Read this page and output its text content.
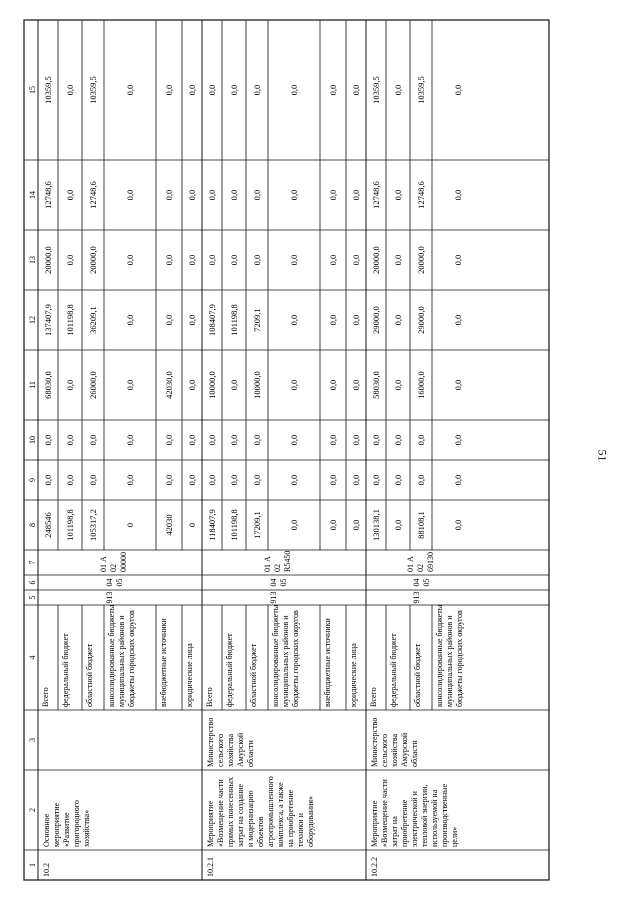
51
1
2
3
4
5
6
7
8
9
10
11
12
13
14
15
10.2
Основноемероприятие«Развитиепригородногохозяйства»
913
04 05
01 А0200000
Всего
248546
0,0
0,0
68030,0
137407,9
20000,0
12748,6
10359,5
федеральный бюджет
101198,8
0,0
0,0
0,0
101198,8
0,0
0,0
0,0
областной бюджет
105317,2
0,0
0,0
26000,0
36209,1
20000,0
12748,6
10359,5
консолидированные бюджетымуниципальных районов ибюджеты городских округов
0
0,0
0,0
0,0
0,0
0,0
0,0
0,0
внебюджетные источники
42030
0,0
0,0
42030,0
0,0
0,0
0,0
0,0
юридические лица
0
0,0
0,0
0,0
0,0
0,0
0,0
0,0
10.2.1
Мероприятие«Возмещение частипрямых понесенныхзатрат на созданиеи модернизациюобъектовагропромышленногокомплекса, а такжена приобретениетехники иоборудования»
МинистерствосельскогохозяйстваАмурскойобласти
913
04 05
01 А02R5450
Всего
118407,9
0,0
0,0
10000,0
108407,9
0,0
0,0
0,0
федеральный бюджет
101198,8
0,0
0,0
0,0
101198,8
0,0
0,0
0,0
областной бюджет
17209,1
0,0
0,0
10000,0
7209,1
0,0
0,0
0,0
консолидированные бюджетымуниципальных районов ибюджеты городских округов
0,0
0,0
0,0
0,0
0,0
0,0
0,0
0,0
внебюджетные источники
0,0
0,0
0,0
0,0
0,0
0,0
0,0
0,0
юридические лица
0,0
0,0
0,0
0,0
0,0
0,0
0,0
0,0
10.2.2
Мероприятие«Возмещение частизатрат наприобретениеэлектрической итепловой энергии,используемой напроизводственныецели»
МинистерствосельскогохозяйстваАмурскойобласти
913
04 05
01 А0269130
Всего
130138,1
0,0
0,0
58030,0
29000,0
20000,0
12748,6
10359,5
федеральный бюджет
0,0
0,0
0,0
0,0
0,0
0,0
0,0
0,0
областной бюджет
88108,1
0,0
0,0
16000,0
29000,0
20000,0
12748,6
10359,5
консолидированные бюджетымуниципальных районов ибюджеты городских округов
0,0
0,0
0,0
0,0
0,0
0,0
0,0
0,0
